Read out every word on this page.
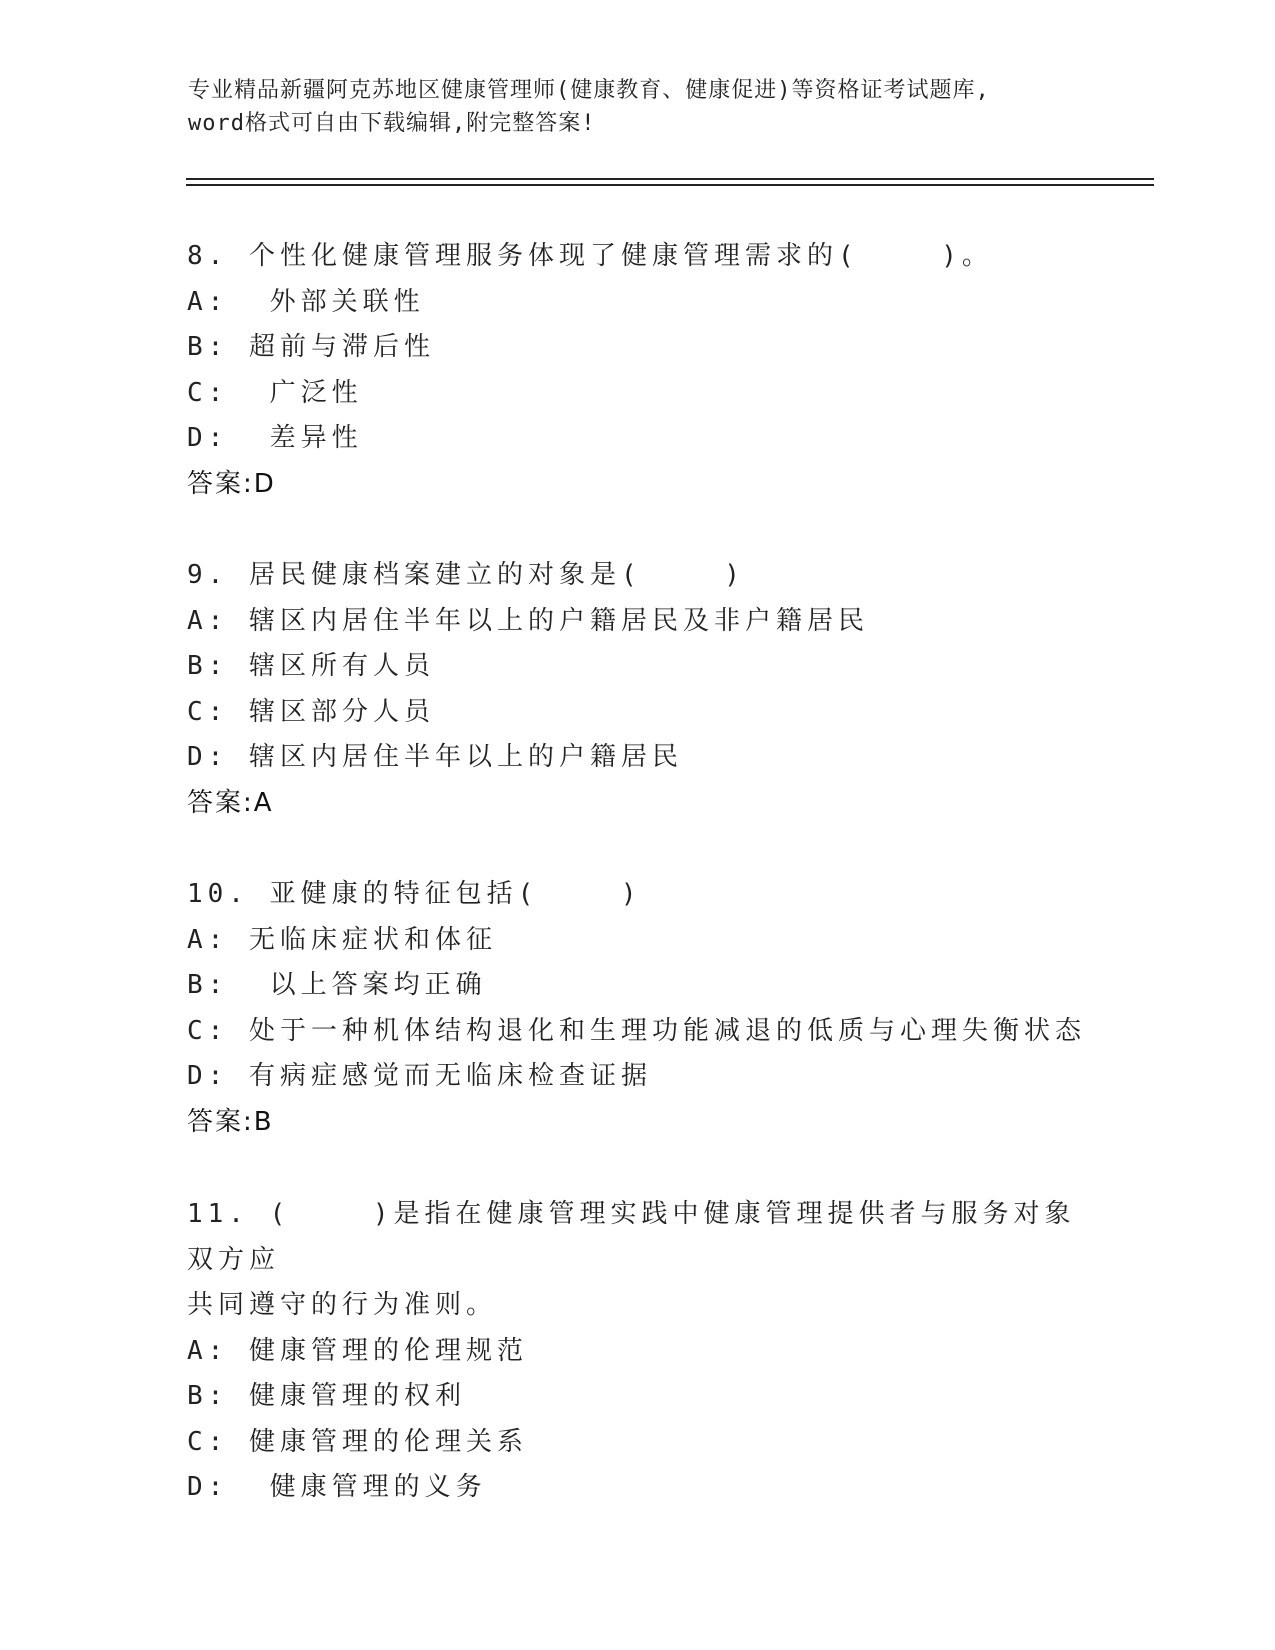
专业精品新疆阿克苏地区健康管理师(健康教育、健康促进)等资格证考试题库,

word格式可自由下载编辑,附完整答案!

8. 个性化健康管理服务体现了健康管理需求的(    )。

A:  外部关联性

B: 超前与滞后性

C:  广泛性

D:  差异性

答案:D

9. 居民健康档案建立的对象是(    )

A: 辖区内居住半年以上的户籍居民及非户籍居民

B: 辖区所有人员

C: 辖区部分人员

D: 辖区内居住半年以上的户籍居民

答案:A

10. 亚健康的特征包括(    )

A: 无临床症状和体征

B:  以上答案均正确

C: 处于一种机体结构退化和生理功能减退的低质与心理失衡状态

D: 有病症感觉而无临床检查证据

答案:B

11. (    )是指在健康管理实践中健康管理提供者与服务对象双方应

共同遵守的行为准则。

A: 健康管理的伦理规范

B: 健康管理的权利

C: 健康管理的伦理关系

D:  健康管理的义务
